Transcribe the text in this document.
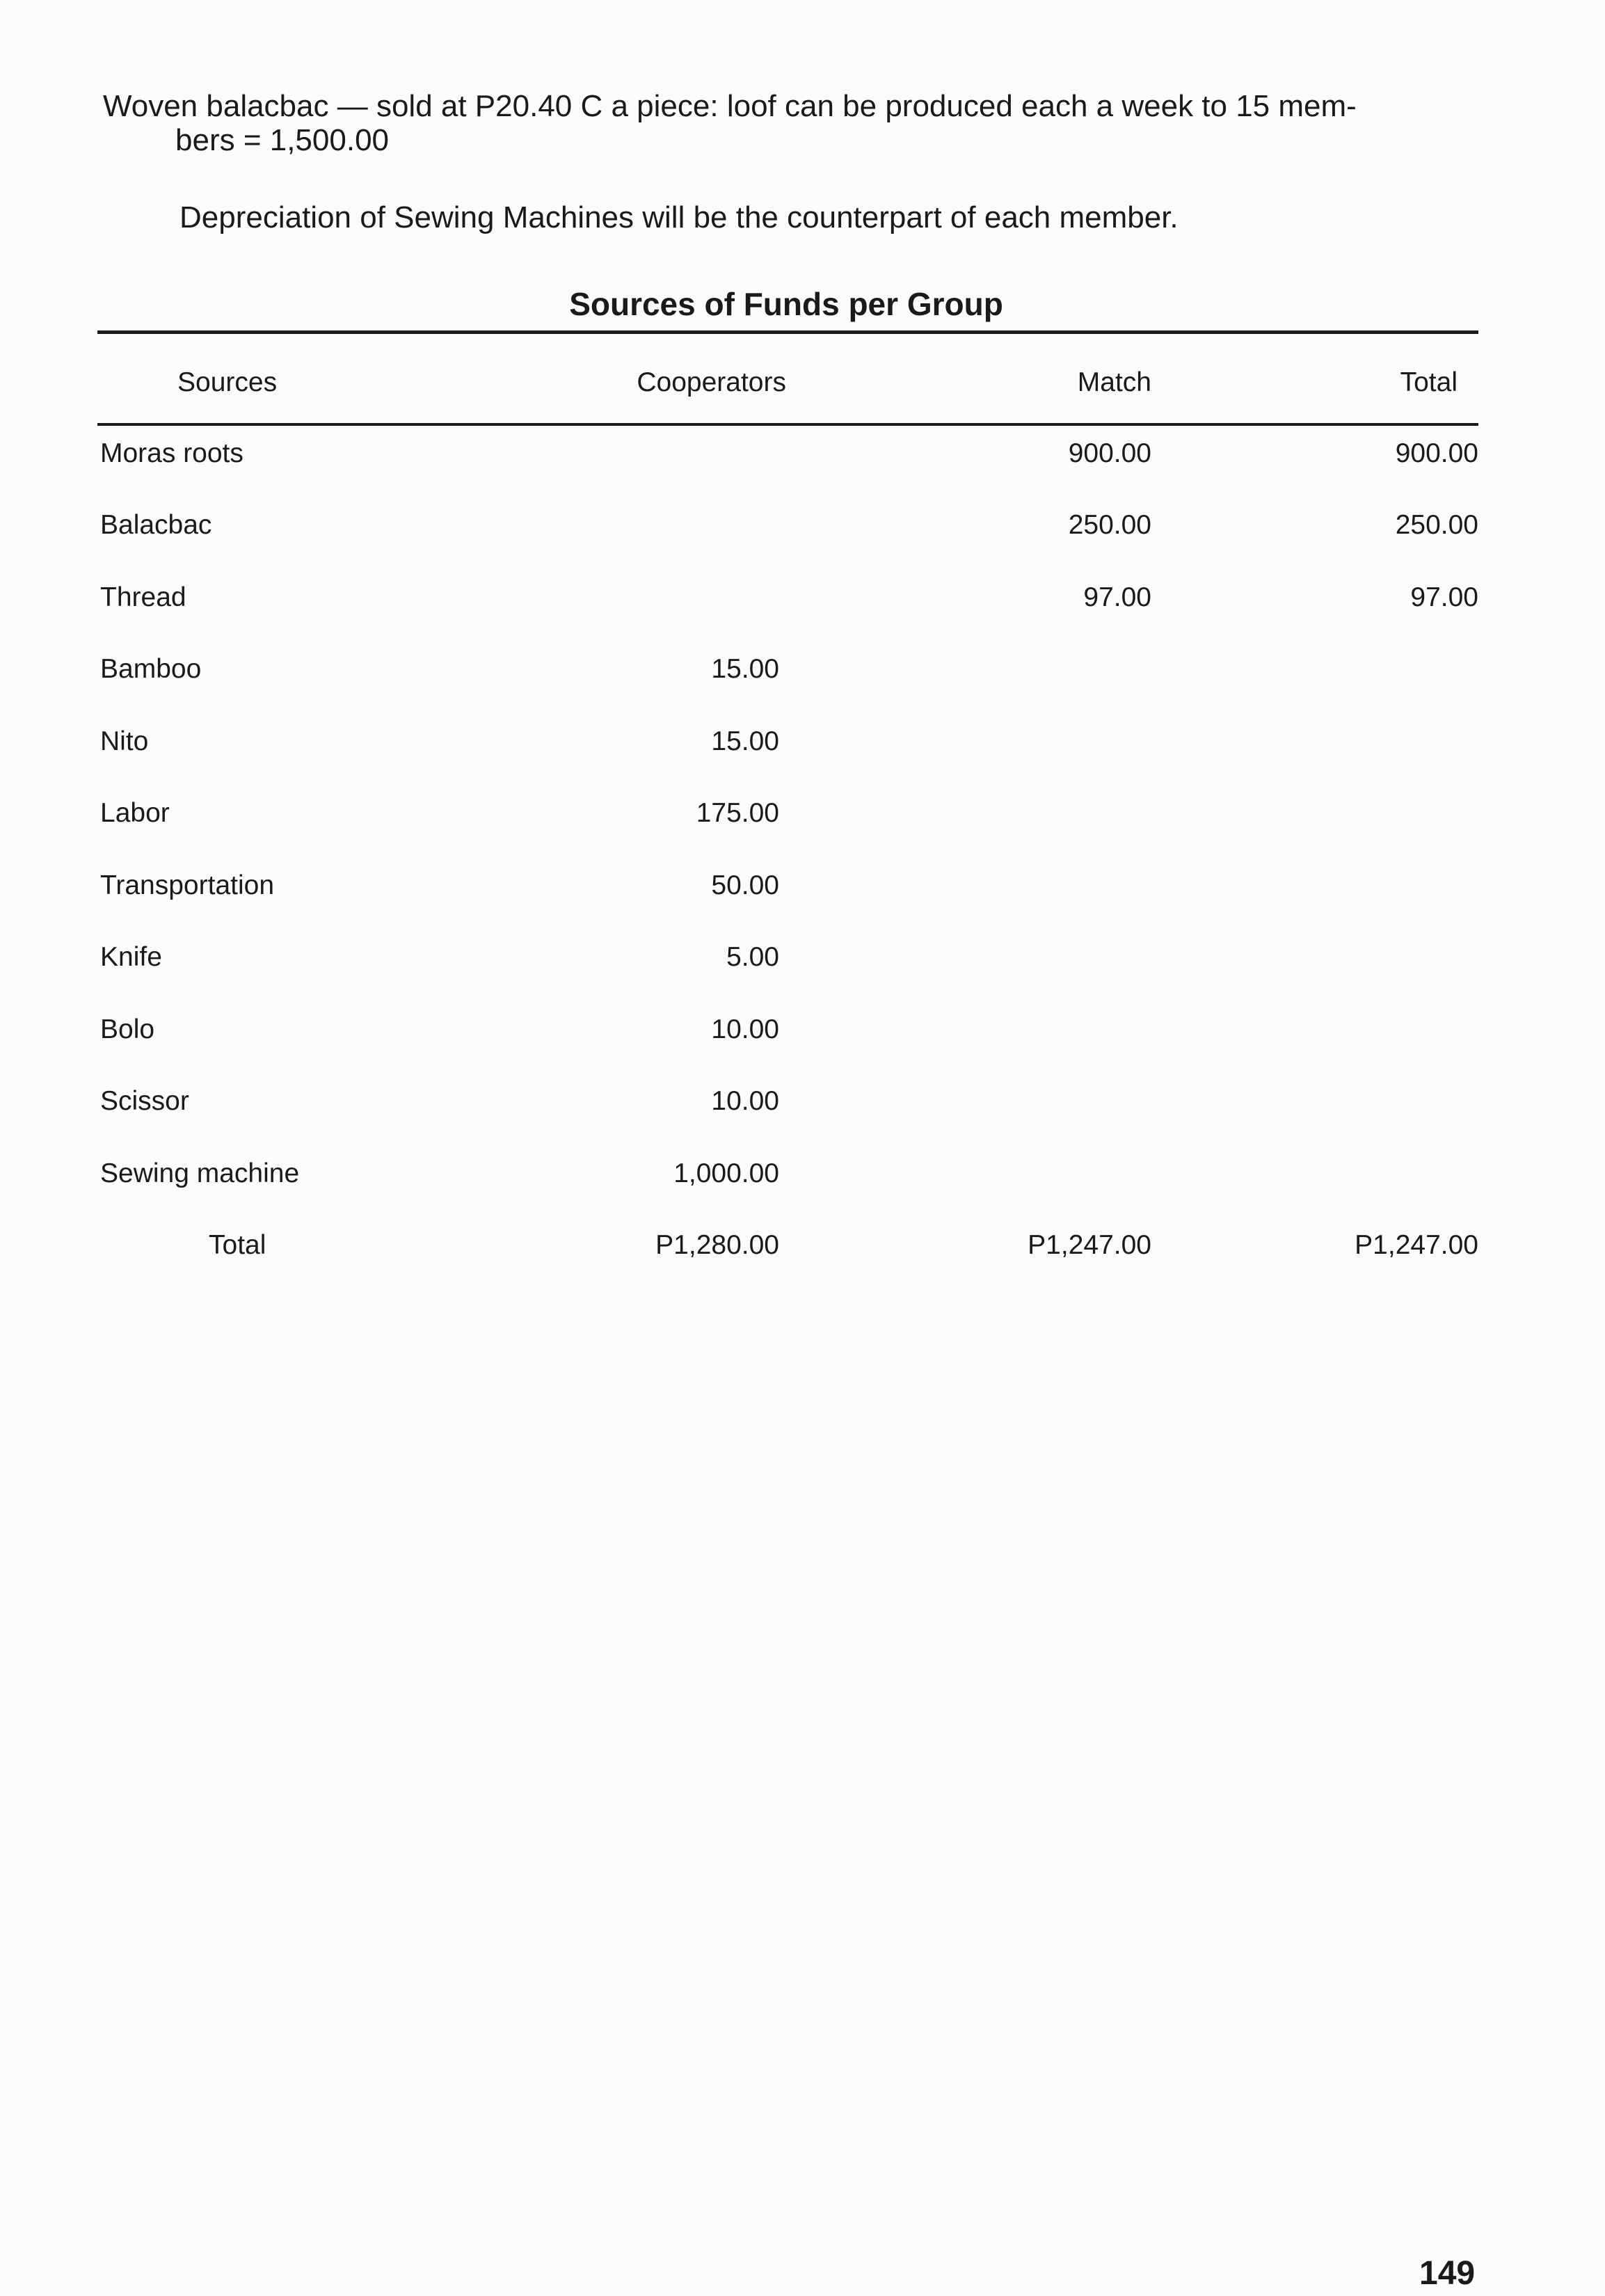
Woven balacbac — sold at P20.40 C a piece: loof can be produced each a week to 15 mem-
bers = 1,500.00
Depreciation of Sewing Machines will be the counterpart of each member.
Sources of Funds per Group
Sources	Cooperators	Match	Total
Moras roots		900.00	900.00
Balacbac		250.00	250.00
Thread		97.00	97.00
Bamboo	15.00		
Nito	15.00		
Labor	175.00		
Transportation	50.00		
Knife	5.00		
Bolo	10.00		
Scissor	10.00		
Sewing machine	1,000.00		
Total	P1,280.00	P1,247.00	P1,247.00
149
